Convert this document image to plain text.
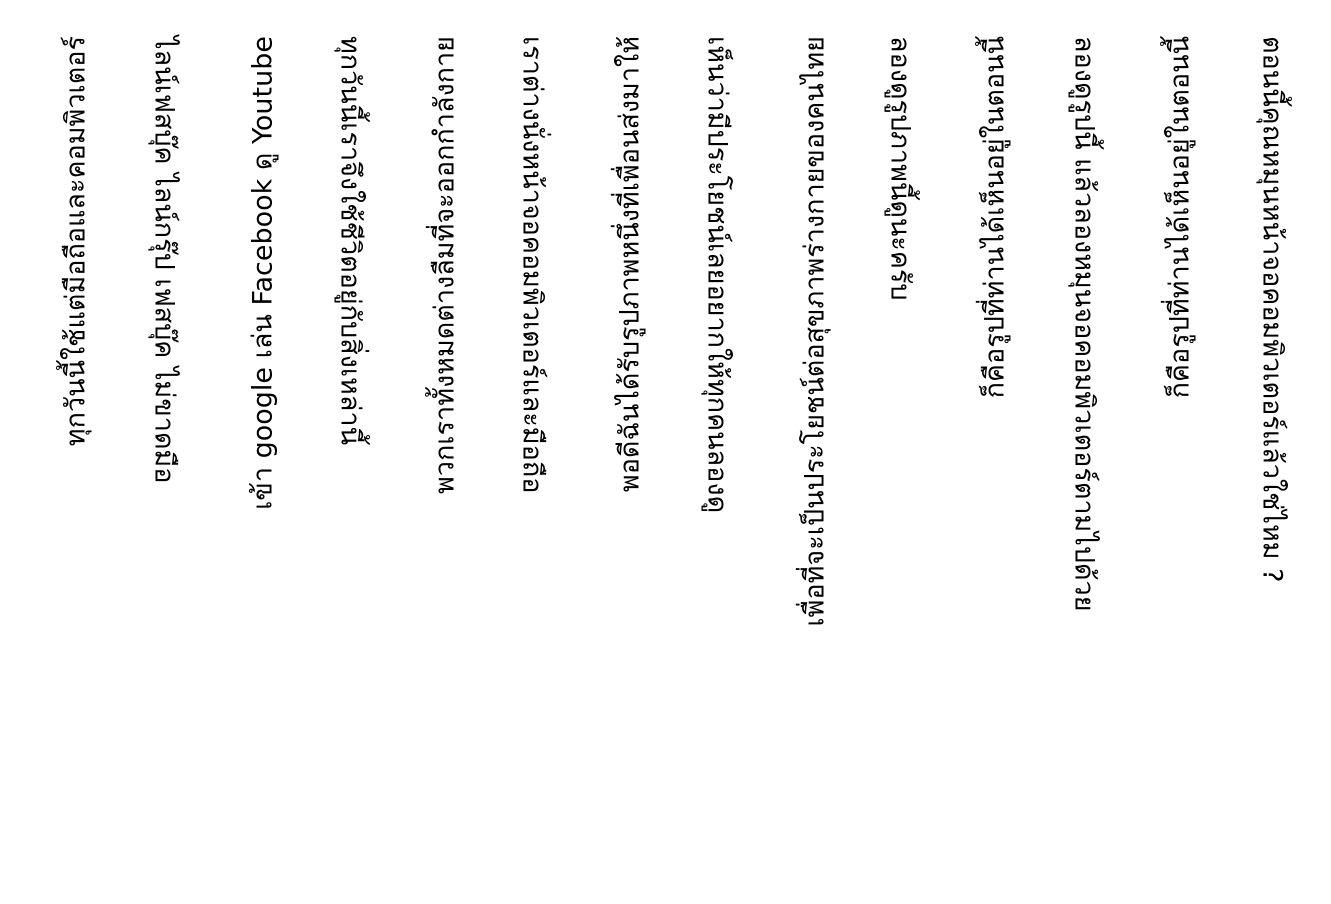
ทุกวันนี้ใช้แต่มือถือและคอมพิวเตอร์ ไลน์เฟสบุ๊ค ไลน์กรุ๊ป เฟสบุ๊ค ไม่ขาดมือ	เข้า google เล่น Facebook ดู Youtube ทุกวันนี้เราจึงใช้ชีวิตอยู่กับสิ่งเหล่านี้ พวกเราทั้งหมดต่างลืมที่จะออกกำลังกาย เราต่างนั่งหน้าจอคอมพิวเตอร์และมือถือ พอดีฉันได้รับรูปภาพหนึ่งที่เพื่อนส่งมาให้ เห็นว่ามีประโยชน์เลยอยากให้ทุกคนลองดู เพื่อที่จะเป็นประโยชน์ต่อสุขภาพร่างกายของคนไทย ลองดูรูปภาพนี้ดูนะครับ ก็คือรูปที่ท่านได้เห็นอยู่ในตอนนี้ ลองดูรูปนี้ แล้วลองหมุนจอคอมพิวเตอร์ตามไปด้วย ก็คือรูปที่ท่านได้เห็นอยู่ในตอนนี้ ตอนนี้คุณหมุนหน้าจอคอมพิวเตอร์แล้วใช่ไหม ?
